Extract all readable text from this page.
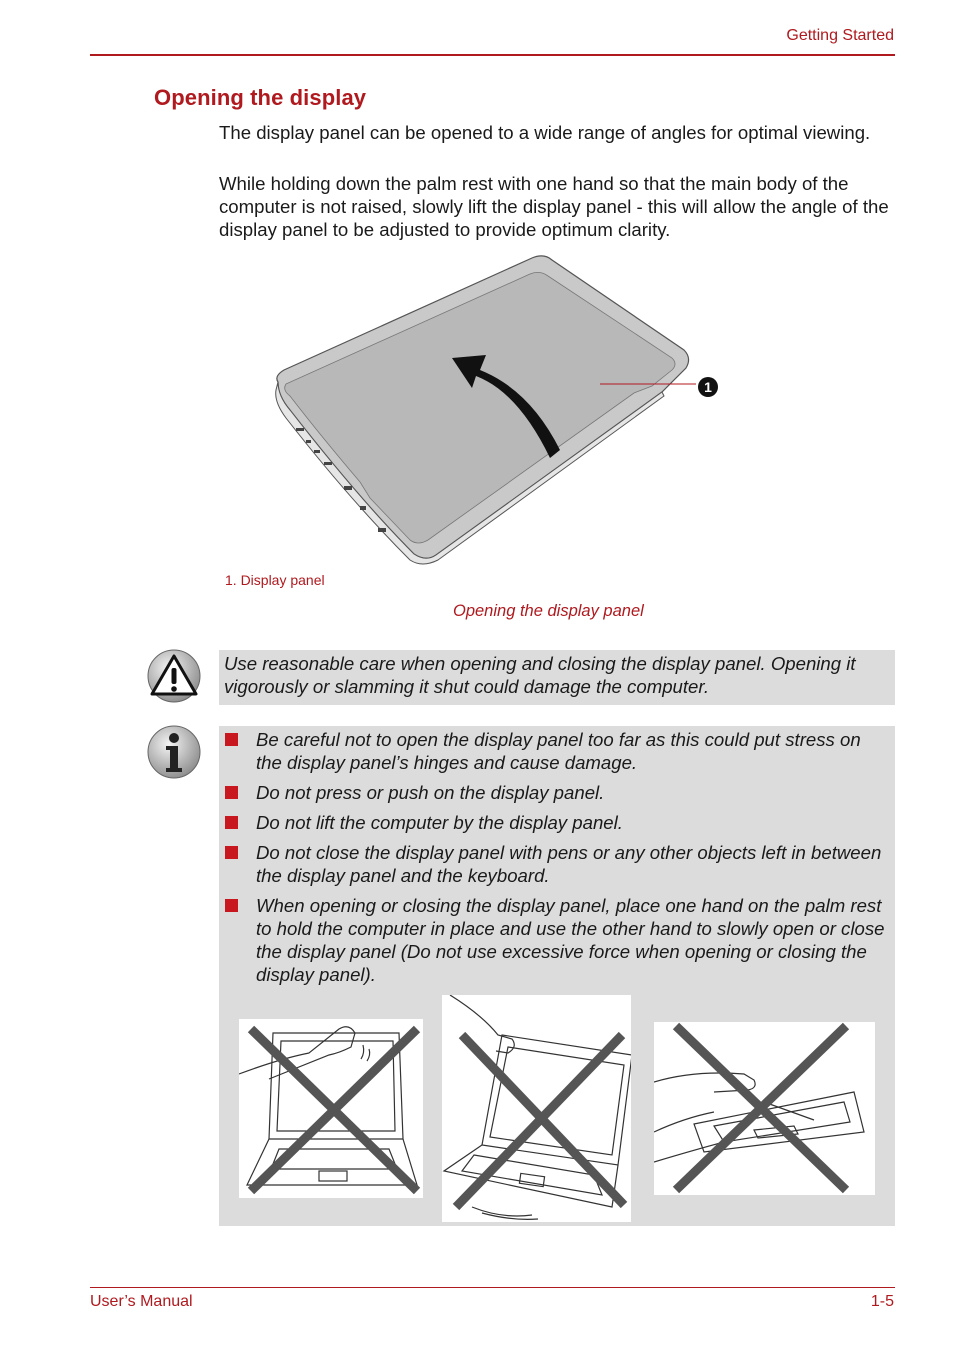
Getting Started
Opening the display

The display panel can be opened to a wide range of angles for optimal viewing.

While holding down the palm rest with one hand so that the main body of the computer is not raised, slowly lift the display panel - this will allow the angle of the display panel to be adjusted to provide optimum clarity.

1
1. Display panel
Opening the display panel

Use reasonable care when opening and closing the display panel. Opening it vigorously or slamming it shut could damage the computer.

Be careful not to open the display panel too far as this could put stress on the display panel’s hinges and cause damage.
Do not press or push on the display panel.
Do not lift the computer by the display panel.
Do not close the display panel with pens or any other objects left in between the display panel and the keyboard.
When opening or closing the display panel, place one hand on the palm rest to hold the computer in place and use the other hand to slowly open or close the display panel (Do not use excessive force when opening or closing the display panel).
User’s Manual	1-5
